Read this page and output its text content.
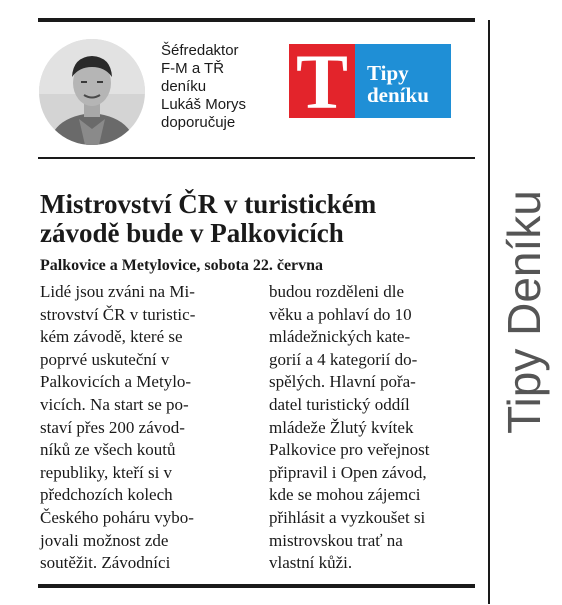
Šéfredaktor
F-M a TŘ
deníku
Lukáš Morys
doporučuje T Tipy
deníku
Mistrovství ČR v turistickém
závodě bude v Palkovicích
Palkovice a Metylovice, sobota 22. června
Lidé jsou zváni na Mi-
strovství ČR v turistic-
kém závodě, které se
poprvé uskuteční v
Palkovicích a Metylo-
vicích. Na start se po-
staví přes 200 závod-
níků ze všech koutů
republiky, kteří si v
předchozích kolech
Českého poháru vybo-
jovali možnost zde
soutěžit. Závodníci
budou rozděleni dle
věku a pohlaví do 10
mládežnických kate-
gorií a 4 kategorií do-
spělých. Hlavní pořa-
datel turistický oddíl
mládeže Žlutý kvítek
Palkovice pro veřejnost
připravil i Open závod,
kde se mohou zájemci
přihlásit a vyzkoušet si
mistrovskou trať na
vlastní kůži.
Tipy Deníku
